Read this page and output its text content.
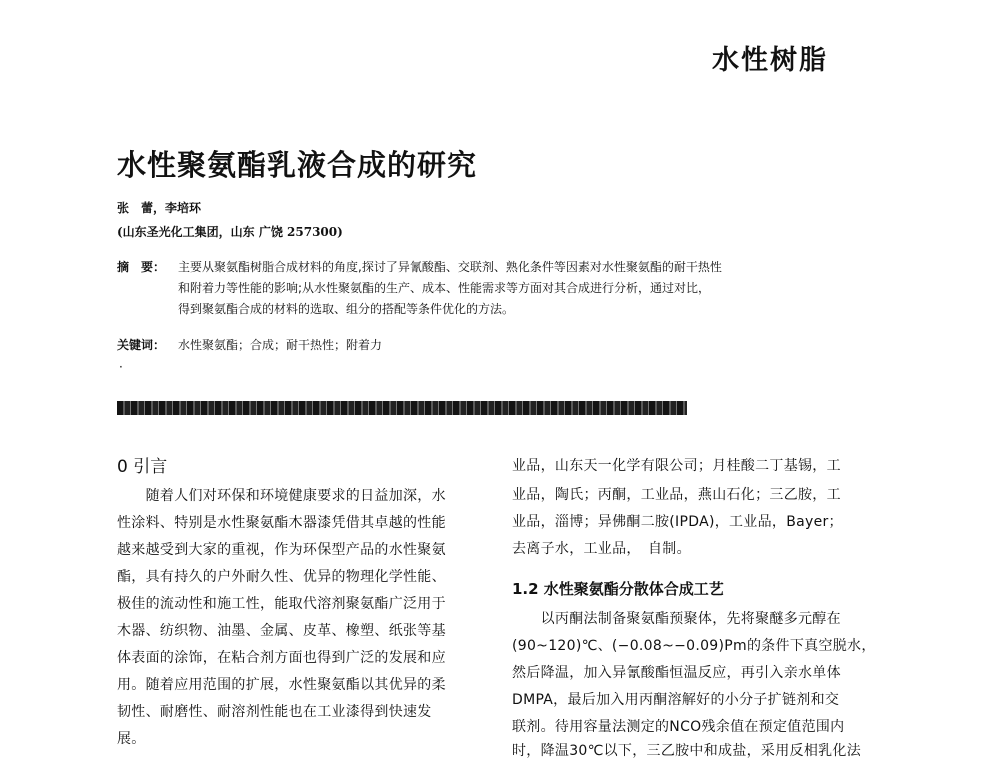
水性树脂
水性聚氨酯乳液合成的研究
张　蕾，李培环
(山东圣光化工集团，山东 广饶 257300)
摘　要： 主要从聚氨酯树脂合成材料的角度,探讨了异氰酸酯、交联剂、熟化条件等因素对水性聚氨酯的耐干热性
和附着力等性能的影响;从水性聚氨酯的生产、成本、性能需求等方面对其合成进行分析，通过对比，
得到聚氨酯合成的材料的选取、组分的搭配等条件优化的方法。
关键词： 水性聚氨酯；合成；耐干热性；附着力
·
0 引言
　　随着人们对环保和环境健康要求的日益加深，水
性涂料、特别是水性聚氨酯木器漆凭借其卓越的性能
越来越受到大家的重视，作为环保型产品的水性聚氨
酯，具有持久的户外耐久性、优异的物理化学性能、
极佳的流动性和施工性，能取代溶剂聚氨酯广泛用于
木器、纺织物、油墨、金属、皮革、橡塑、纸张等基
体表面的涂饰，在粘合剂方面也得到广泛的发展和应
用。随着应用范围的扩展，水性聚氨酯以其优异的柔
韧性、耐磨性、耐溶剂性能也在工业漆得到快速发
展。
业品，山东天一化学有限公司；月桂酸二丁基锡，工
业品，陶氏；丙酮，工业品，燕山石化；三乙胺，工
业品，淄博；异佛酮二胺(IPDA)，工业品，Bayer；
去离子水，工业品，　自制。
1.2 水性聚氨酯分散体合成工艺
　　以丙酮法制备聚氨酯预聚体，先将聚醚多元醇在
(90~120)℃、(−0.08~−0.09)Pm的条件下真空脱水，
然后降温，加入异氰酸酯恒温反应，再引入亲水单体
DMPA，最后加入用丙酮溶解好的小分子扩链剂和交
联剂。待用容量法测定的NCO残余值在预定值范围内
时，降温30℃以下，三乙胺中和成盐，采用反相乳化法
